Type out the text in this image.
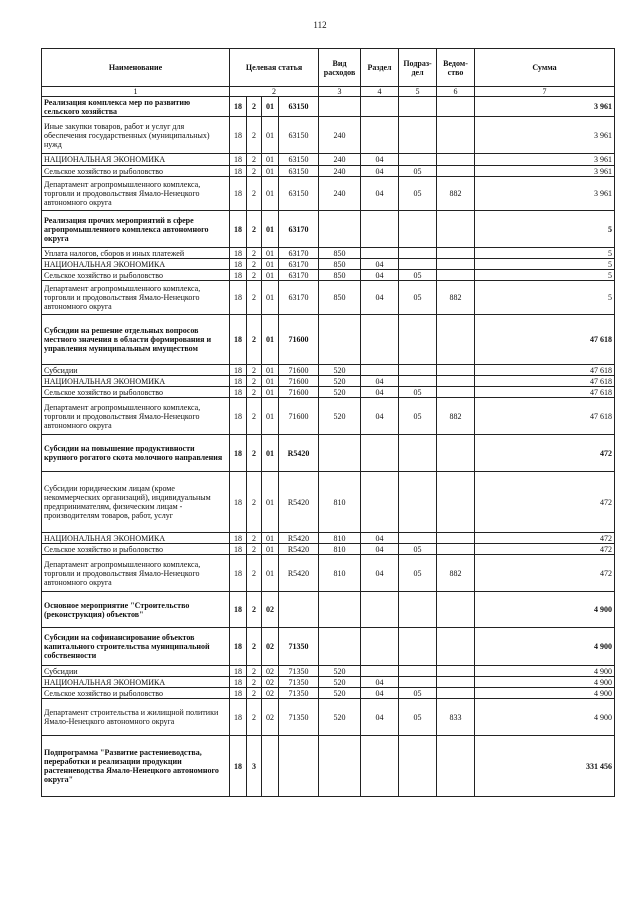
112
Наименование	Целевая статья				Вид расходов	Раздел	Подраз-дел	Ведом-ство	Сумма
1	2				3	4	5	6	7
Реализация комплекса мер по развитию сельского хозяйства	18	2	01	63150					3 961
Иные закупки товаров, работ и услуг для обеспечения государственных (муниципальных) нужд	18	2	01	63150	240				3 961
НАЦИОНАЛЬНАЯ ЭКОНОМИКА	18	2	01	63150	240	04			3 961
Сельское хозяйство и рыболовство	18	2	01	63150	240	04	05		3 961
Департамент агропромышленного комплекса, торговли и продовольствия Ямало-Ненецкого автономного округа	18	2	01	63150	240	04	05	882	3 961
Реализация прочих мероприятий в сфере агропромышленного комплекса автономного округа	18	2	01	63170					5
Уплата налогов, сборов и иных платежей	18	2	01	63170	850				5
НАЦИОНАЛЬНАЯ ЭКОНОМИКА	18	2	01	63170	850	04			5
Сельское хозяйство и рыболовство	18	2	01	63170	850	04	05		5
Департамент агропромышленного комплекса, торговли и продовольствия Ямало-Ненецкого автономного округа	18	2	01	63170	850	04	05	882	5
Субсидии на решение отдельных вопросов местного значения в области формирования и управления муниципальным имуществом	18	2	01	71600					47 618
Субсидии	18	2	01	71600	520				47 618
НАЦИОНАЛЬНАЯ ЭКОНОМИКА	18	2	01	71600	520	04			47 618
Сельское хозяйство и рыболовство	18	2	01	71600	520	04	05		47 618
Департамент агропромышленного комплекса, торговли и продовольствия Ямало-Ненецкого автономного округа	18	2	01	71600	520	04	05	882	47 618
Субсидии на повышение продуктивности крупного рогатого скота молочного направления	18	2	01	R5420					472
Субсидии юридическим лицам (кроме некоммерческих организаций), индивидуальным предпринимателям, физическим лицам - производителям товаров, работ, услуг	18	2	01	R5420	810				472
НАЦИОНАЛЬНАЯ ЭКОНОМИКА	18	2	01	R5420	810	04			472
Сельское хозяйство и рыболовство	18	2	01	R5420	810	04	05		472
Департамент агропромышленного комплекса, торговли и продовольствия Ямало-Ненецкого автономного округа	18	2	01	R5420	810	04	05	882	472
Основное мероприятие "Строительство (реконструкция) объектов"	18	2	02						4 900
Субсидии на софинансирование объектов капитального строительства муниципальной собственности	18	2	02	71350					4 900
Субсидии	18	2	02	71350	520				4 900
НАЦИОНАЛЬНАЯ ЭКОНОМИКА	18	2	02	71350	520	04			4 900
Сельское хозяйство и рыболовство	18	2	02	71350	520	04	05		4 900
Департамент строительства и жилищной политики Ямало-Ненецкого автономного округа	18	2	02	71350	520	04	05	833	4 900
Подпрограмма "Развитие растениеводства, переработки и реализации продукции растениеводства Ямало-Ненецкого автономного округа"	18	3							331 456
